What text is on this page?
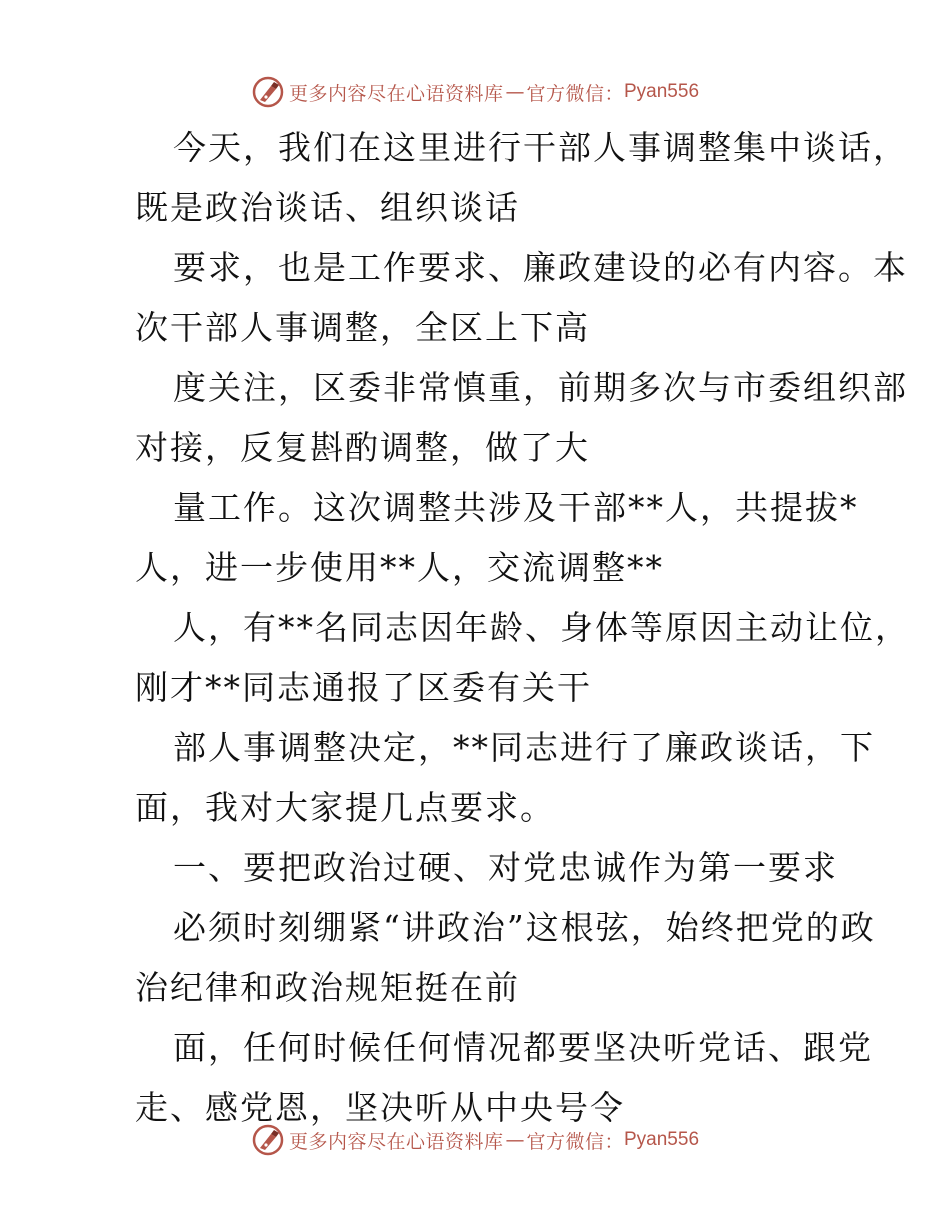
更多内容尽在心语资料库 — 官方微信： Pyan556
今天，我们在这里进行干部人事调整集中谈话，
既是政治谈话、组织谈话
要求，也是工作要求、廉政建设的必有内容。本
次干部人事调整，全区上下高
度关注，区委非常慎重，前期多次与市委组织部
对接，反复斟酌调整，做了大
量工作。这次调整共涉及干部**人，共提拔*
人，进一步使用**人，交流调整**
人，有**名同志因年龄、身体等原因主动让位，
刚才**同志通报了区委有关干
部人事调整决定，**同志进行了廉政谈话，下
面，我对大家提几点要求。
一、要把政治过硬、对党忠诚作为第一要求
必须时刻绷紧“讲政治”这根弦，始终把党的政
治纪律和政治规矩挺在前
面，任何时候任何情况都要坚决听党话、跟党
走、感党恩，坚决听从中央号令
更多内容尽在心语资料库 — 官方微信： Pyan556
